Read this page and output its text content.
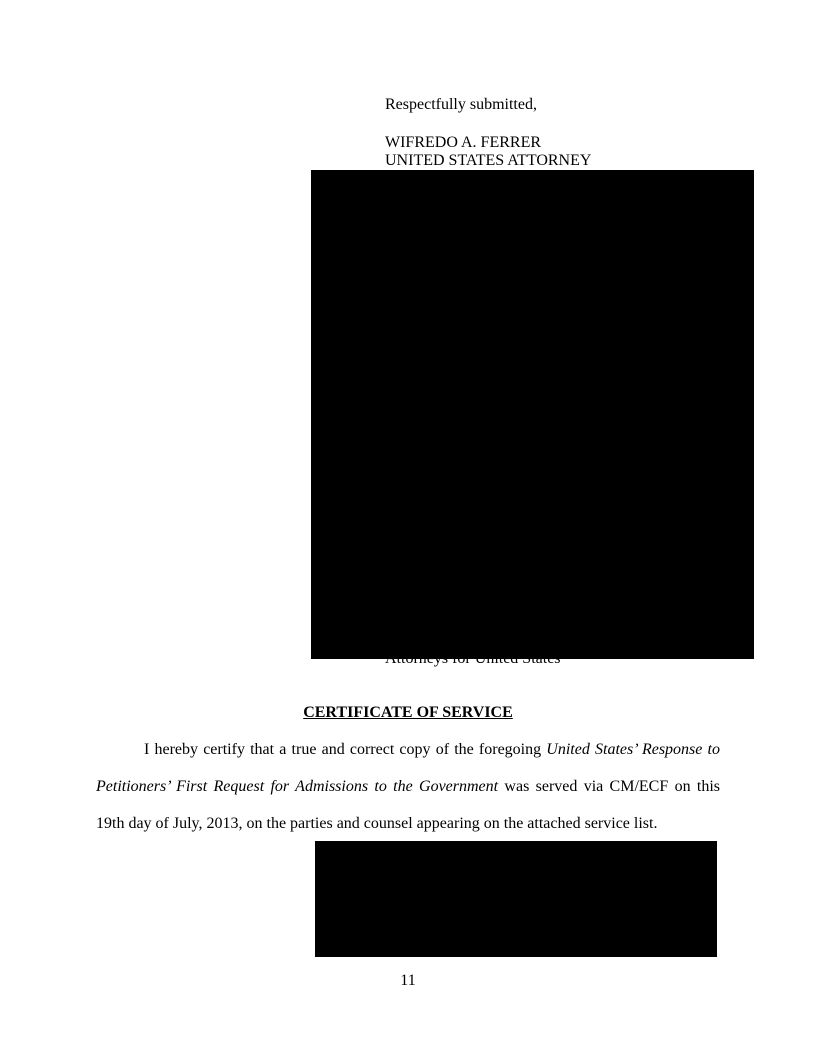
Respectfully submitted,
WIFREDO A. FERRER
UNITED STATES ATTORNEY
CERTIFICATE OF SERVICE
I hereby certify that a true and correct copy of the foregoing United States’ Response to
Petitioners’ First Request for Admissions to the Government was served via CM/ECF on this
19th day of July, 2013, on the parties and counsel appearing on the attached service list.
11
